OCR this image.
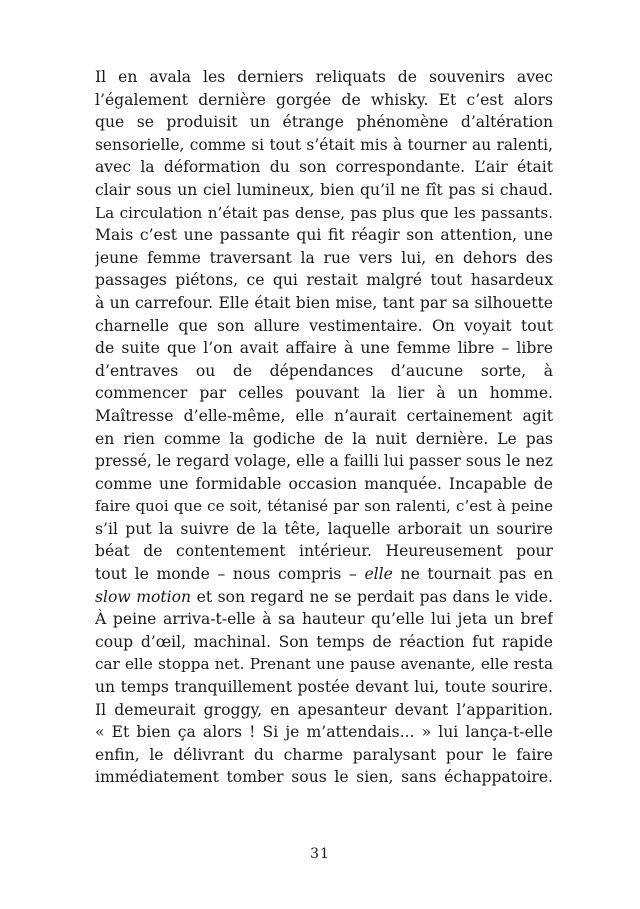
Il en avala les derniers reliquats de souvenirs avec
l’également dernière gorgée de whisky. Et c’est alors
que se produisit un étrange phénomène d’altération
sensorielle, comme si tout s’était mis à tourner au ralenti,
avec la déformation du son correspondante. L’air était
clair sous un ciel lumineux, bien qu’il ne fît pas si chaud.
La circulation n’était pas dense, pas plus que les passants.
Mais c’est une passante qui fit réagir son attention, une
jeune femme traversant la rue vers lui, en dehors des
passages piétons, ce qui restait malgré tout hasardeux
à un carrefour. Elle était bien mise, tant par sa silhouette
charnelle que son allure vestimentaire. On voyait tout
de suite que l’on avait affaire à une femme libre – libre
d’entraves ou de dépendances d’aucune sorte, à
commencer par celles pouvant la lier à un homme.
Maîtresse d’elle-même, elle n’aurait certainement agit
en rien comme la godiche de la nuit dernière. Le pas
pressé, le regard volage, elle a failli lui passer sous le nez
comme une formidable occasion manquée. Incapable de
faire quoi que ce soit, tétanisé par son ralenti, c’est à peine
s’il put la suivre de la tête, laquelle arborait un sourire
béat de contentement intérieur. Heureusement pour
tout le monde – nous compris – elle ne tournait pas en
slow motion et son regard ne se perdait pas dans le vide.
À peine arriva-t-elle à sa hauteur qu’elle lui jeta un bref
coup d’œil, machinal. Son temps de réaction fut rapide
car elle stoppa net. Prenant une pause avenante, elle resta
un temps tranquillement postée devant lui, toute sourire.
Il demeurait groggy, en apesanteur devant l’apparition.
« Et bien ça alors ! Si je m’attendais... » lui lança-t-elle
enfin, le délivrant du charme paralysant pour le faire
immédiatement tomber sous le sien, sans échappatoire.
31
